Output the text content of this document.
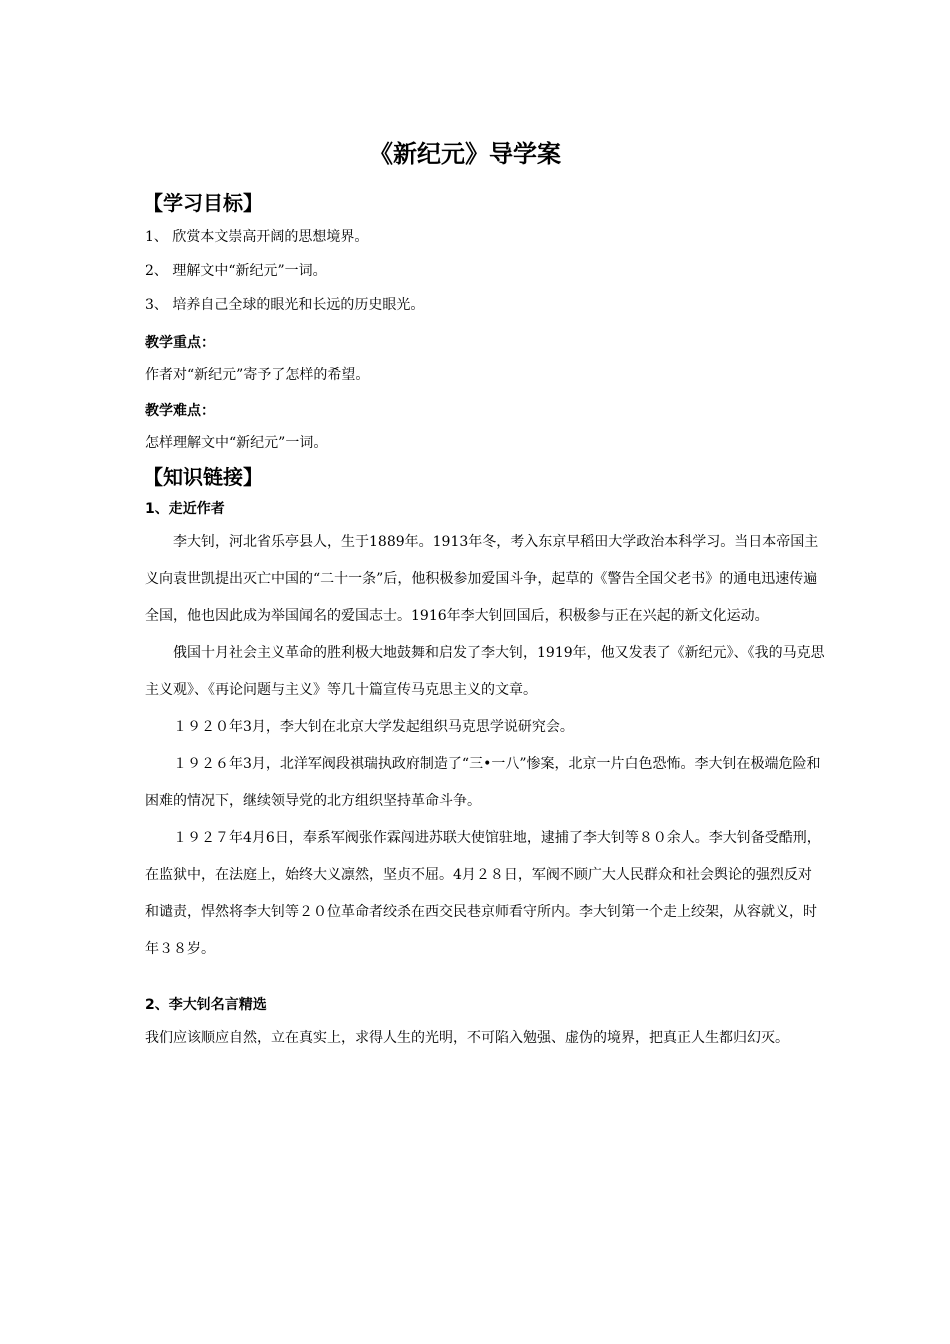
《新纪元》导学案
【学习目标】
1、 欣赏本文崇高开阔的思想境界。
2、 理解文中“新纪元”一词。
3、 培养自己全球的眼光和长远的历史眼光。
教学重点：
作者对“新纪元”寄予了怎样的希望。
教学难点：
怎样理解文中“新纪元”一词。
【知识链接】
1、走近作者

李大钊，河北省乐亭县人，生于1889年。1913年冬，考入东京早稻田大学政治本科学习。当日本帝国主义向袁世凯提出灭亡中国的“二十一条”后，他积极参加爱国斗争，起草的《警告全国父老书》的通电迅速传遍全国，他也因此成为举国闻名的爱国志士。1916年李大钊回国后，积极参与正在兴起的新文化运动。

俄国十月社会主义革命的胜利极大地鼓舞和启发了李大钊，1919年，他又发表了《新纪元》、《我的马克思主义观》、《再论问题与主义》等几十篇宣传马克思主义的文章。

１９２０年3月，李大钊在北京大学发起组织马克思学说研究会。

１９２６年3月，北洋军阀段祺瑞执政府制造了“三•一八”惨案，北京一片白色恐怖。李大钊在极端危险和困难的情况下，继续领导党的北方组织坚持革命斗争。

１９２７年4月6日，奉系军阀张作霖闯进苏联大使馆驻地，逮捕了李大钊等８０余人。李大钊备受酷刑，在监狱中，在法庭上，始终大义凛然，坚贞不屈。4月２８日，军阀不顾广大人民群众和社会舆论的强烈反对和谴责，悍然将李大钊等２０位革命者绞杀在西交民巷京师看守所内。李大钊第一个走上绞架，从容就义，时年３８岁。

2、李大钊名言精选

我们应该顺应自然，立在真实上，求得人生的光明，不可陷入勉强、虚伪的境界，把真正人生都归幻灭。
